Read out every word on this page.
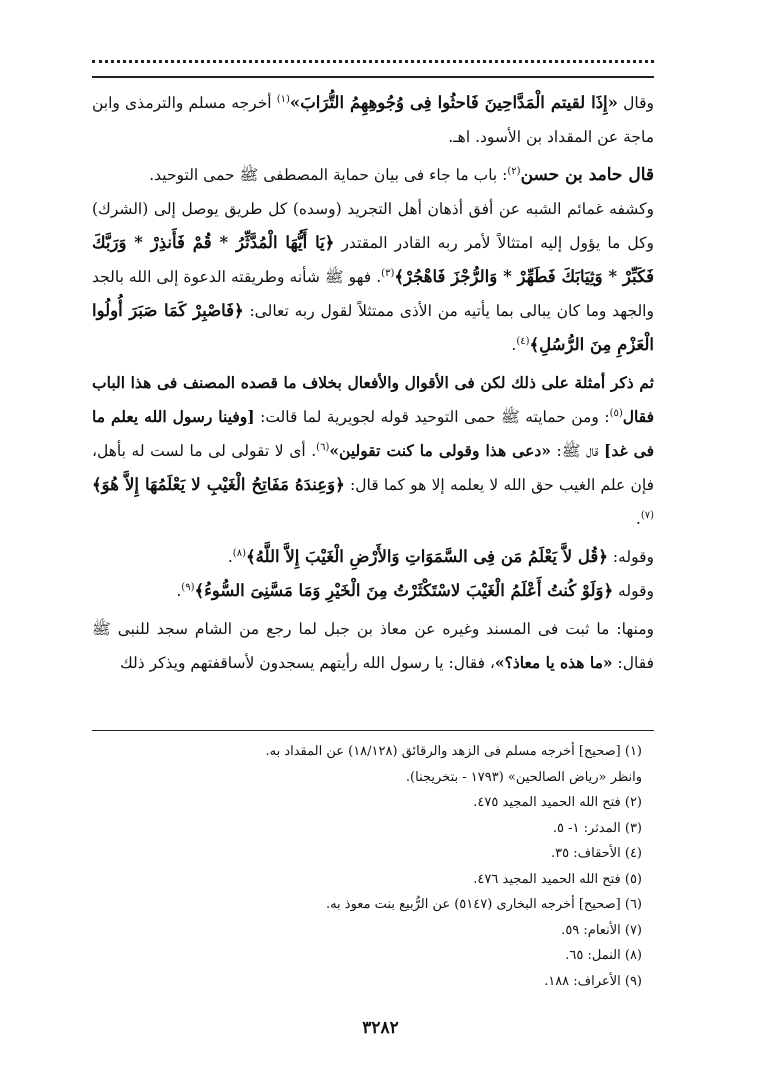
وقال «إِذَا لقيتم الْمَدَّاحِينَ فَاحثُوا فِى وُجُوهِهِمُ التُّرَابَ»$^{(١)}$ أخرجه مسلم والترمذى وابن ماجة عن المقداد بن الأسود. اهـ.

قال حامد بن حسن$^{(٢)}$: باب ما جاء فى بيان حماية المصطفى ﷺ حمى التوحيد.

وكشفه غمائم الشبه عن أفق أذهان أهل التجريد (وسده) كل طريق يوصل إلى (الشرك) وكل ما يؤول إليه امتثالاً لأمر ربه القادر المقتدر ﴿يَا أَيُّهَا الْمُدَّثِّرُ * قُمْ فَأَنذِرْ * وَرَبَّكَ فَكَبِّرْ * وَثِيَابَكَ فَطَهِّرْ * وَالرُّجْزَ فَاهْجُرْ﴾$^{(٣)}$. فهو ﷺ شأنه وطريقته الدعوة إلى الله بالجد والجهد وما كان يبالى بما يأتيه من الأذى ممتثلاً لقول ربه تعالى: ﴿فَاصْبِرْ كَمَا صَبَرَ أُولُوا الْعَزْمِ مِنَ الرُّسُلِ﴾$^{(٤)}$.

ثم ذكر أمثلة على ذلك لكن فى الأقوال والأفعال بخلاف ما قصده المصنف فى هذا الباب فقال$^{(٥)}$: ومن حمايته ﷺ حمى التوحيد قوله لجويرية لما قالت: [وفينا رسول الله يعلم ما فى غد] قال ﷺ: «دعى هذا وقولى ما كنت تقولين»$^{(٦)}$. أى لا تقولى لى ما لست له بأهل، فإن علم الغيب حق الله لا يعلمه إلا هو كما قال: ﴿وَعِندَهُ مَفَاتِحُ الْغَيْبِ لا يَعْلَمُهَا إِلاَّ هُوَ﴾$^{(٧)}$.

وقوله: ﴿قُل لاَّ يَعْلَمُ مَن فِى السَّمَوَاتِ وَالأَرْضِ الْغَيْبَ إِلاَّ اللَّهُ﴾$^{(٨)}$.

وقوله ﴿وَلَوْ كُنتُ أَعْلَمُ الْغَيْبَ لاسْتَكْثَرْتُ مِنَ الْخَيْرِ وَمَا مَسَّنِىَ السُّوءُ﴾$^{(٩)}$.

ومنها: ما ثبت فى المسند وغيره عن معاذ بن جبل لما رجع من الشام سجد للنبى ﷺ فقال: «ما هذه يا معاذ؟»، فقال: يا رسول الله رأيتهم يسجدون لأساقفتهم ويذكر ذلك

(١) [صحيح] أخرجه مسلم فى الزهد والرقائق (١٨/١٢٨) عن المقداد به.

وانظر «رياض الصالحين» (١٧٩٣ - بتخريجنا).

(٢) فتح الله الحميد المجيد ٤٧٥.

(٣) المدثر: ١- ٥.

(٤) الأحقاف: ٣٥.

(٥) فتح الله الحميد المجيد ٤٧٦.

(٦) [صحيح] أخرجه البخارى (٥١٤٧) عن الرُّبيع بنت معوذ به.

(٧) الأنعام: ٥٩.

(٨) النمل: ٦٥.

(٩) الأعراف: ١٨٨.

٣٢٨٢
